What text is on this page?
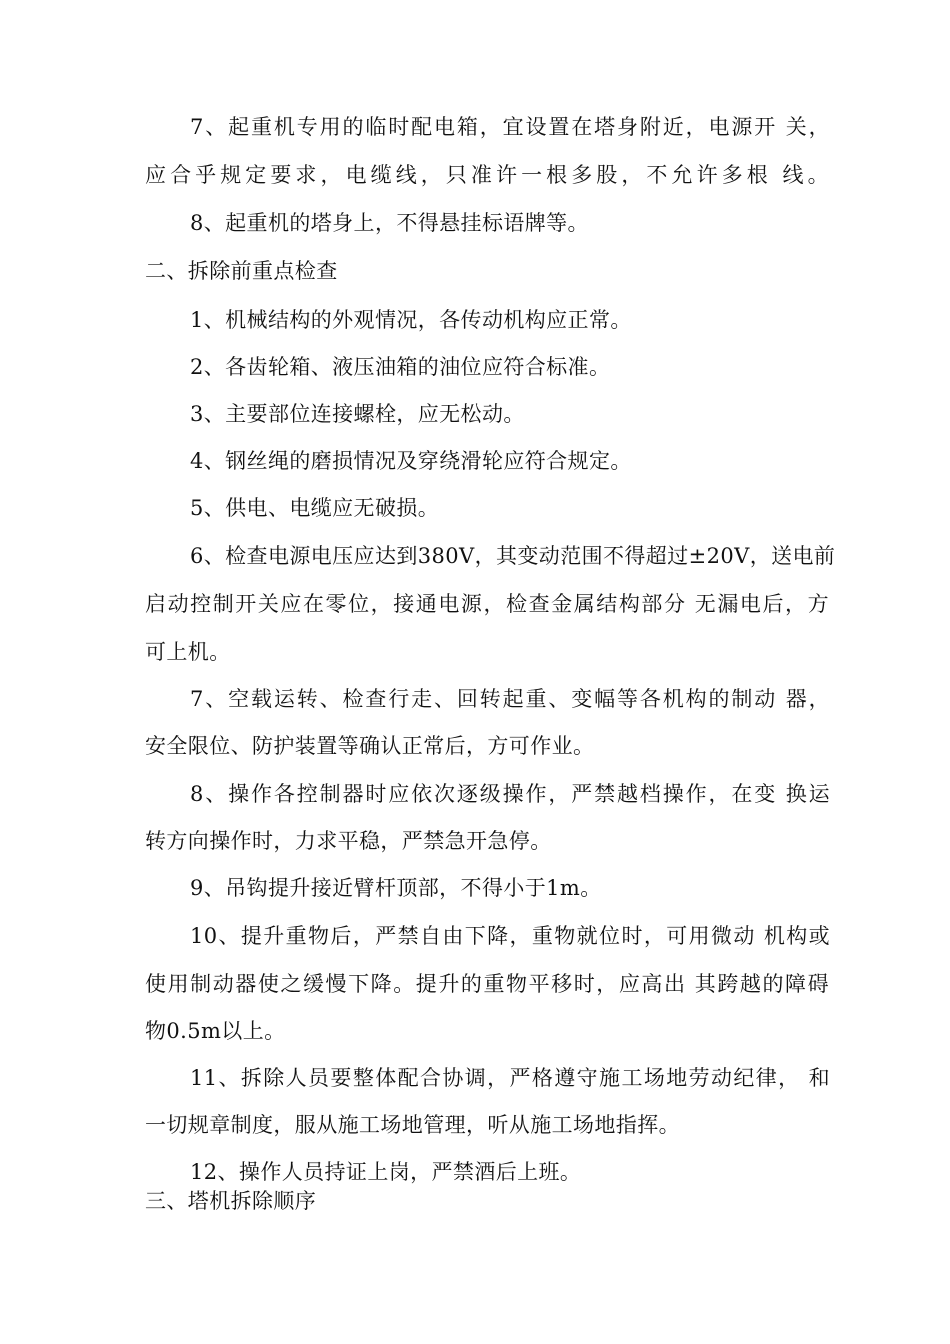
7、起重机专用的临时配电箱，宜设置在塔身附近，电源开 关，
应合乎规定要求，电缆线，只准许一根多股，不允许多根 线。
8、起重机的塔身上，不得悬挂标语牌等。
二、拆除前重点检查
1、机械结构的外观情况，各传动机构应正常。
2、各齿轮箱、液压油箱的油位应符合标准。
3、主要部位连接螺栓，应无松动。
4、钢丝绳的磨损情况及穿绕滑轮应符合规定。
5、供电、电缆应无破损。
6、检查电源电压应达到380V，其变动范围不得超过±20V，送电前
启动控制开关应在零位，接通电源，检查金属结构部分 无漏电后，方
可上机。
7、空载运转、检查行走、回转起重、变幅等各机构的制动 器，
安全限位、防护装置等确认正常后，方可作业。
8、操作各控制器时应依次逐级操作，严禁越档操作，在变 换运
转方向操作时，力求平稳，严禁急开急停。
9、吊钩提升接近臂杆顶部，不得小于1m。
10、提升重物后，严禁自由下降，重物就位时，可用微动 机构或
使用制动器使之缓慢下降。提升的重物平移时，应高出 其跨越的障碍
物0.5m以上。
11、拆除人员要整体配合协调，严格遵守施工场地劳动纪律， 和
一切规章制度，服从施工场地管理，听从施工场地指挥。
12、操作人员持证上岗，严禁酒后上班。
三、塔机拆除顺序
